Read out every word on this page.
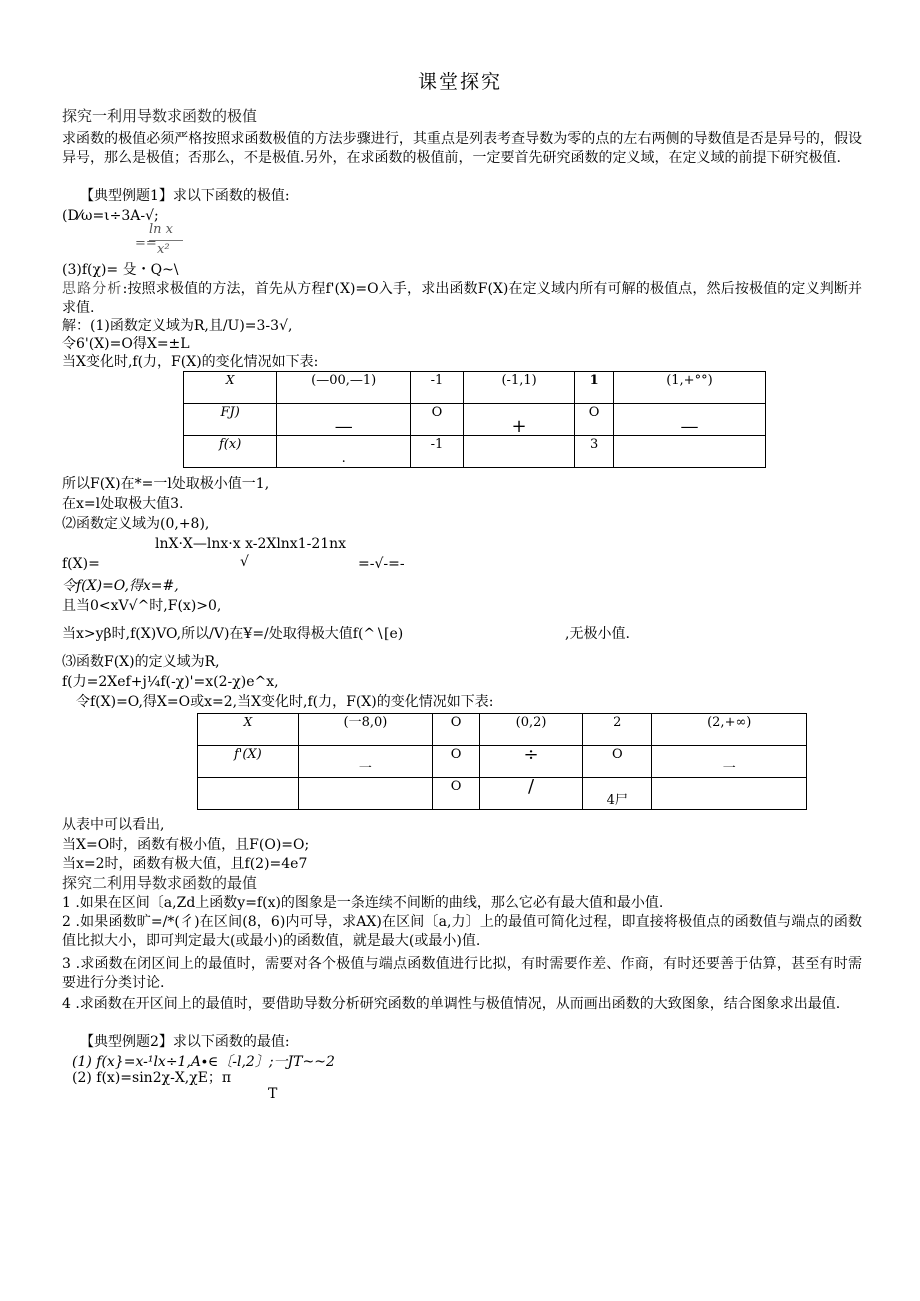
课堂探究
探究一利用导数求函数的极值
求函数的极值必须严格按照求函数极值的方法步骤进行，其重点是列表考查导数为零的点的左右两侧的导数值是否是异号的，假设异号，那么是极值；否那么，不是极值.另外，在求函数的极值前，一定要首先研究函数的定义域，在定义域的前提下研究极值.
【典型例题1】求以下函数的极值:
(D⁄ω=ι÷3A-√;
==
ln x
x²
(3)f(χ)= 殳・Q~\
思路分析:按照求极值的方法，首先从方程f'(X)=O入手，求出函数F(X)在定义域内所有可解的极值点，然后按极值的定义判断并求值.
解：(1)函数定义域为R,且/U)=3-3√,
令6'(X)=O得X=±L
当X变化时,f(力，F(X)的变化情况如下表:
X	(—00,—1)	-1	(-1,1)	1	(1,+°°)
FJ)	—	O	+	O	—
f(x)	.	-1		3	
所以F(X)在*=一l处取极小值一1,
在x=l处取极大值3.
⑵函数定义域为(0,+8),
lnX·X—lnx·x x-2Xlnx1-21nx
f(X)=	√	=-√-=-
令f(X)=O,得x=#,
且当0<xV√^时,F(x)>0,
当x>yβ时,f(X)VO,所以/V)在¥=/处取得极大值f(^∖[e)	,无极小值.
⑶函数F(X)的定义域为R,
f(力=2Xef+j¼f(-χ)'=x(2-χ)e^x,
令f(X)=O,得X=O或x=2,当X变化时,f(力，F(X)的变化情况如下表:
X	(一8,0)	O	(0,2)	2	(2,+∞)
f'(X)	一	O	÷	O	一
		O	/	4尸	
从表中可以看出,
当X=O时，函数有极小值，且F(O)=O;
当x=2时，函数有极大值，且f(2)=4e7
探究二利用导数求函数的最值
1 .如果在区间〔a,Zd上函数y=f(x)的图象是一条连续不间断的曲线，那么它必有最大值和最小值.
2 .如果函数旷=/*(彳)在区间(8，6)内可导，求AX)在区间〔a,力〕上的最值可简化过程，即直接将极值点的函数值与端点的函数值比拟大小，即可判定最大(或最小)的函数值，就是最大(或最小)值.
3 .求函数在闭区间上的最值时，需要对各个极值与端点函数值进行比拟，有时需要作差、作商，有时还要善于估算，甚至有时需要进行分类讨论.
4 .求函数在开区间上的最值时，要借助导数分析研究函数的单调性与极值情况，从而画出函数的大致图象，结合图象求出最值.
【典型例题2】求以下函数的最值:
(1) f(x}=x-¹lx÷1,A∙∈〔-l,2〕;一JT~~2
(2) f(x)=sin2χ-X,χE；π
T
